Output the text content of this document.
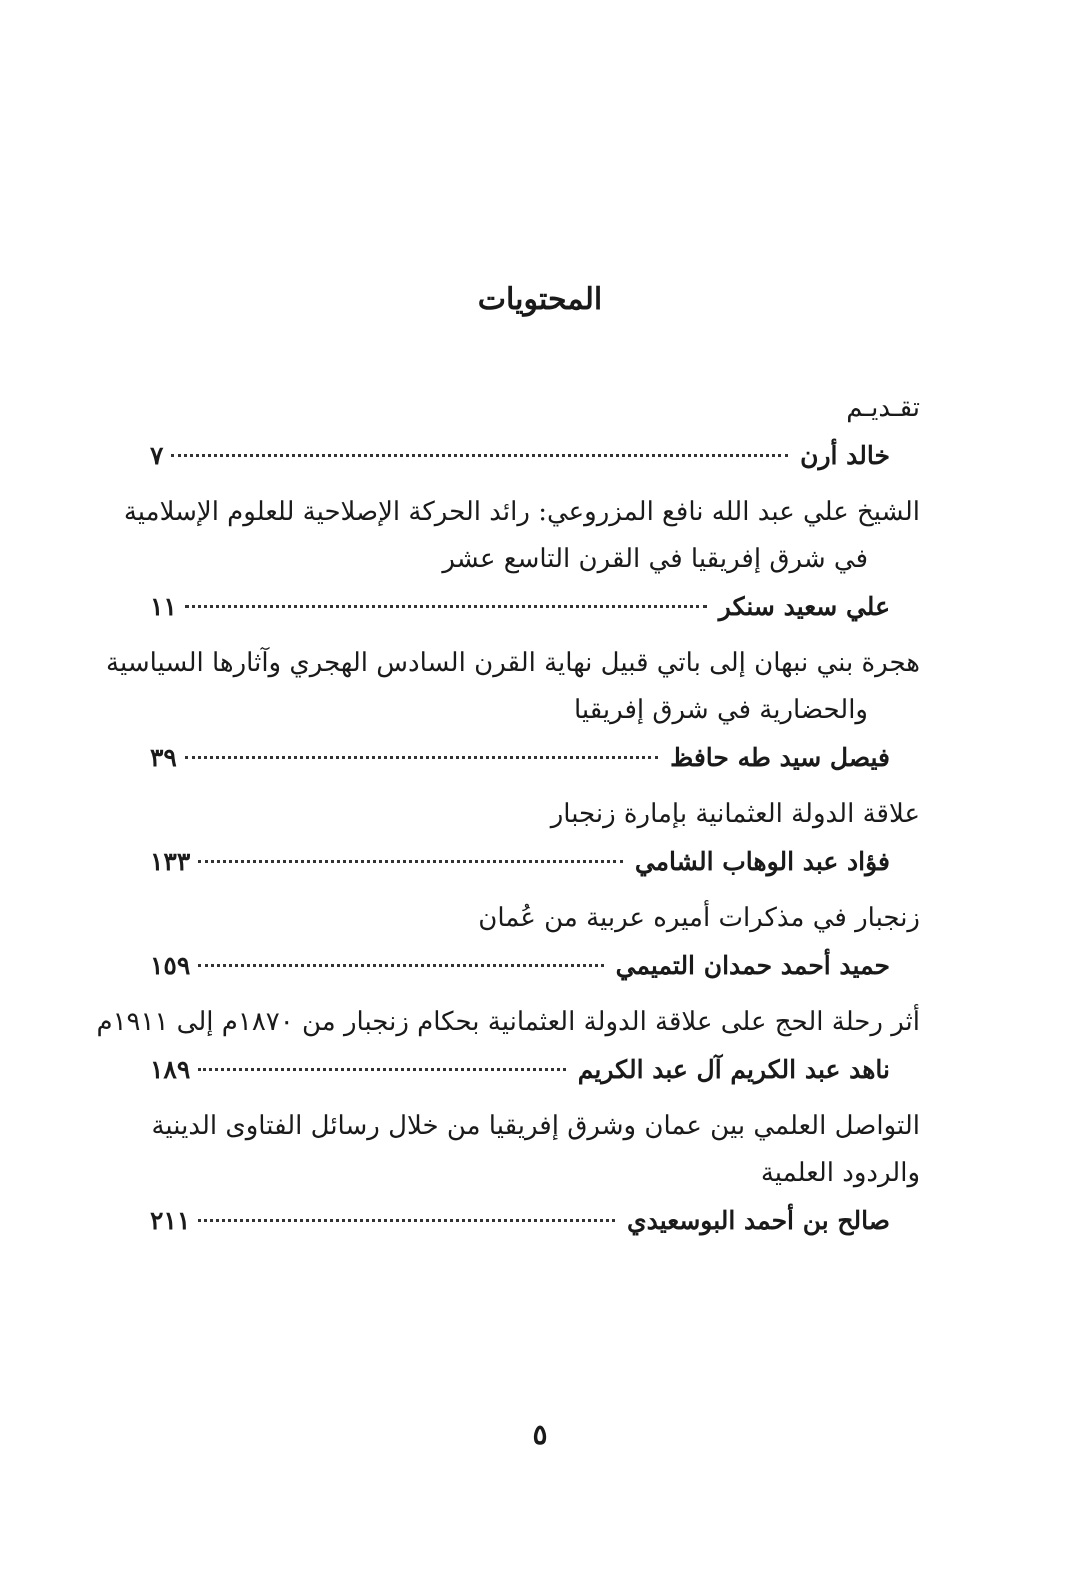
المحتويات
تقـديـم
خالد أرن
٧
الشيخ علي عبد الله نافع المزروعي: رائد الحركة الإصلاحية للعلوم الإسلامية
في شرق إفريقيا في القرن التاسع عشر
علي سعيد سنكر
١١
هجرة بني نبهان إلى باتي قبيل نهاية القرن السادس الهجري وآثارها السياسية
والحضارية في شرق إفريقيا
فيصل سيد طه حافظ
٣٩
علاقة الدولة العثمانية بإمارة زنجبار
فؤاد عبد الوهاب الشامي
١٣٣
زنجبار في مذكرات أميره عربية من عُمان
حميد أحمد حمدان التميمي
١٥٩
أثر رحلة الحج على علاقة الدولة العثمانية بحكام زنجبار من ١٨٧٠م إلى ١٩١١م
ناهد عبد الكريم آل عبد الكريم
١٨٩
التواصل العلمي بين عمان وشرق إفريقيا من خلال رسائل الفتاوى الدينية
والردود العلمية
صالح بن أحمد البوسعيدي
٢١١
٥
